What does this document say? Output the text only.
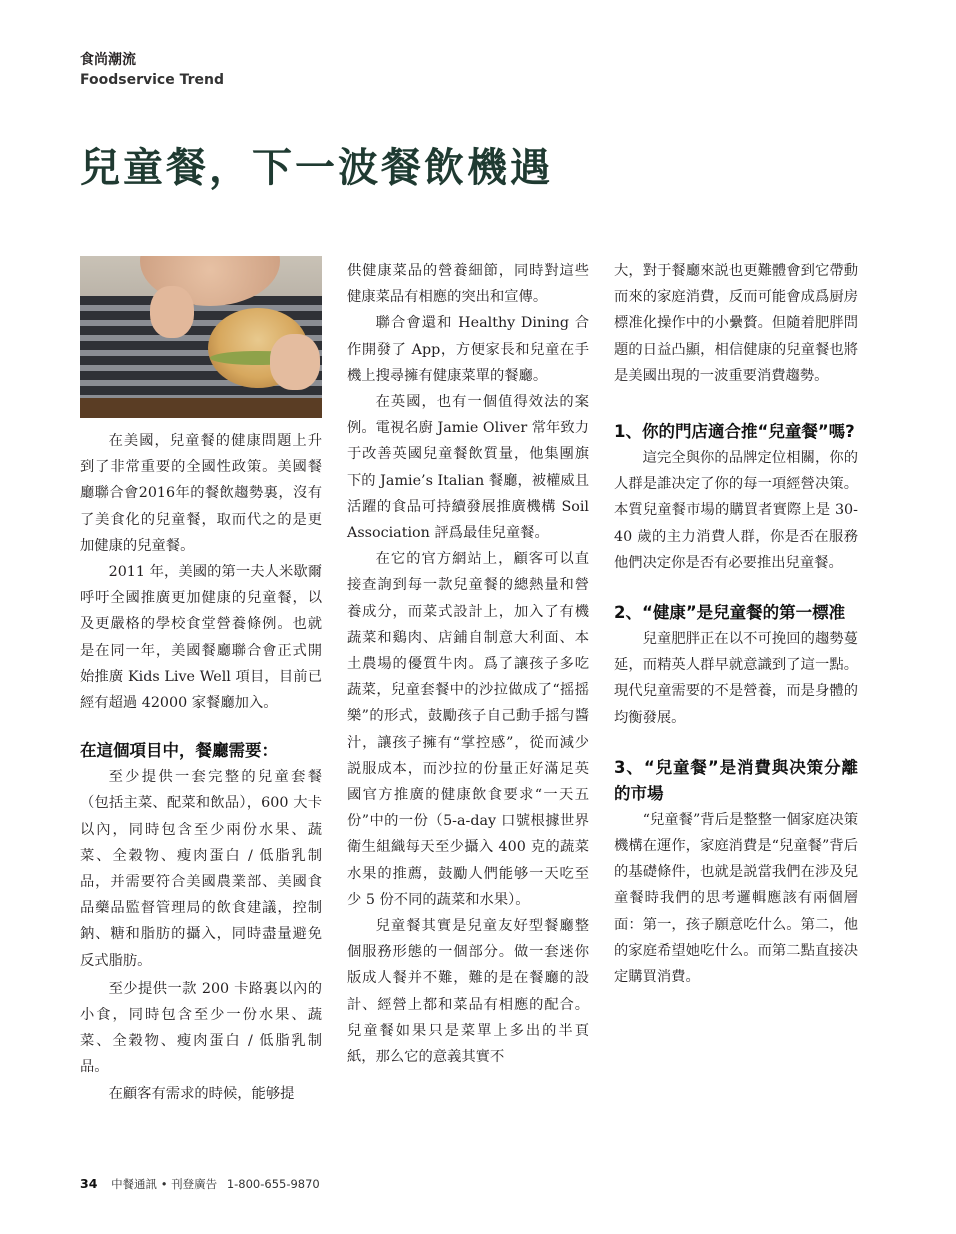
食尚潮流
Foodservice Trend
兒童餐，下一波餐飲機遇

在美國，兒童餐的健康問題上升到了非常重要的全國性政策。美國餐廳聯合會2016年的餐飲趨勢裏，沒有了美食化的兒童餐，取而代之的是更加健康的兒童餐。

2011 年，美國的第一夫人米歇爾呼吁全國推廣更加健康的兒童餐，以及更嚴格的學校食堂營養條例。也就是在同一年，美國餐廳聯合會正式開始推廣 Kids Live Well 項目，目前已經有超過 42000 家餐廳加入。

在這個項目中，餐廳需要：

至少提供一套完整的兒童套餐（包括主菜、配菜和飲品），600 大卡以內，同時包含至少兩份水果、蔬菜、全穀物、瘦肉蛋白 / 低脂乳制品，并需要符合美國農業部、美國食品藥品監督管理局的飲食建議，控制鈉、糖和脂肪的攝入，同時盡量避免反式脂肪。

至少提供一款 200 卡路裏以內的小食，同時包含至少一份水果、蔬菜、全穀物、瘦肉蛋白 / 低脂乳制品。

在顧客有需求的時候，能够提

供健康菜品的營養細節，同時對這些健康菜品有相應的突出和宣傳。

聯合會還和 Healthy Dining 合作開發了 App，方便家長和兒童在手機上搜尋擁有健康菜單的餐廳。

在英國，也有一個值得效法的案例。電視名廚 Jamie Oliver 常年致力于改善英國兒童餐飲質量，他集團旗下的 Jamie’s Italian 餐廳，被權威且活躍的食品可持續發展推廣機構 Soil Association 評爲最佳兒童餐。

在它的官方網站上，顧客可以直接查詢到每一款兒童餐的總熱量和營養成分，而菜式設計上，加入了有機蔬菜和鷄肉、店鋪自制意大利面、本土農場的優質牛肉。爲了讓孩子多吃蔬菜，兒童套餐中的沙拉做成了“摇摇樂”的形式，鼓勵孩子自己動手摇勻醬汁，讓孩子擁有“掌控感”，從而減少説服成本，而沙拉的份量正好滿足英國官方推廣的健康飲食要求“一天五份”中的一份（5-a-day 口號根據世界衛生組織每天至少攝入 400 克的蔬菜水果的推薦，鼓勵人們能够一天吃至少 5 份不同的蔬菜和水果）。

兒童餐其實是兒童友好型餐廳整個服務形態的一個部分。做一套迷你版成人餐并不難，難的是在餐廳的設計、經營上都和菜品有相應的配合。兒童餐如果只是菜單上多出的半頁紙，那么它的意義其實不

大，對于餐廳來説也更難體會到它帶動而來的家庭消費，反而可能會成爲厨房標准化操作中的小纍贅。但隨着肥胖問題的日益凸顯，相信健康的兒童餐也將是美國出現的一波重要消費趨勢。

1、你的門店適合推“兒童餐”嗎?

這完全與你的品牌定位相關，你的人群是誰决定了你的每一項經營决策。本質兒童餐市場的購買者實際上是 30-40 歲的主力消費人群，你是否在服務他們决定你是否有必要推出兒童餐。

2、“健康”是兒童餐的第一標准

兒童肥胖正在以不可挽回的趨勢蔓延，而精英人群早就意識到了這一點。現代兒童需要的不是營養，而是身體的均衡發展。

3、“兒童餐”是消費與决策分離的市場

“兒童餐”背后是整整一個家庭决策機構在運作，家庭消費是“兒童餐”背后的基礎條件，也就是説當我們在涉及兒童餐時我們的思考邏輯應該有兩個層面：第一，孩子願意吃什么。第二，他的家庭希望她吃什么。而第二點直接决定購買消費。

34 中餐通訊 • 刊登廣告 1-800-655-9870
